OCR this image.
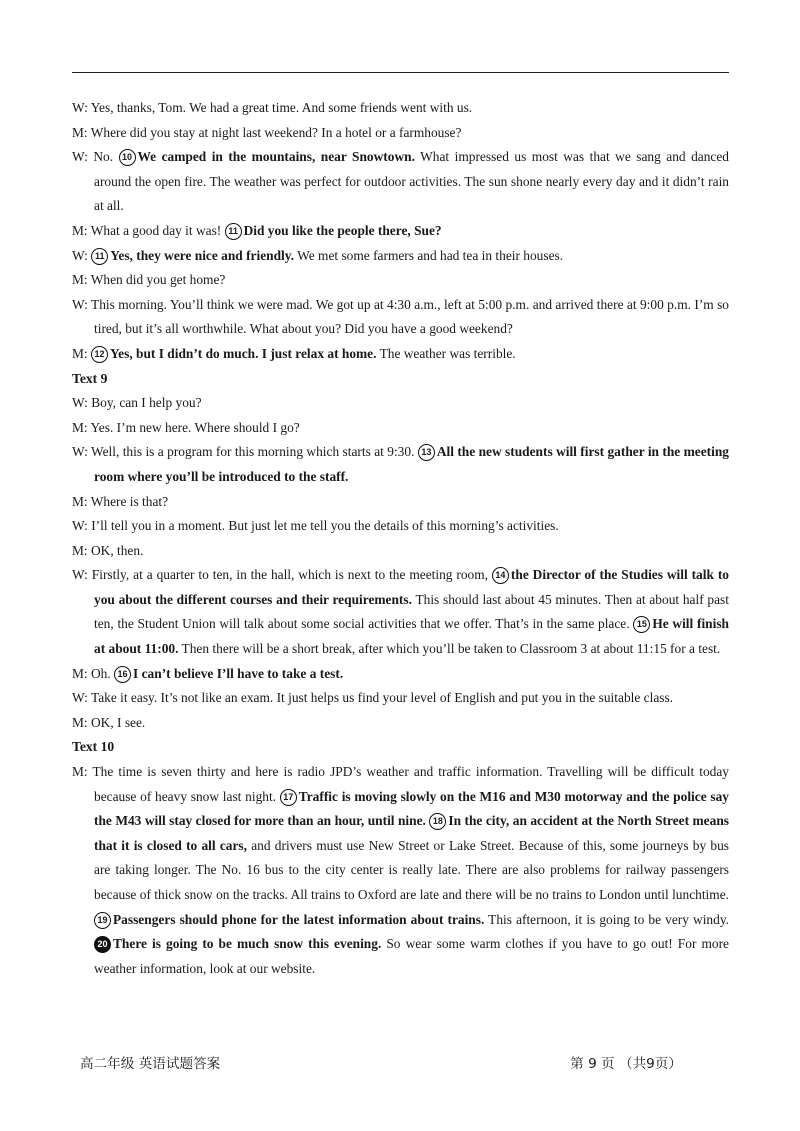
W: Yes, thanks, Tom. We had a great time. And some friends went with us.
M: Where did you stay at night last weekend? In a hotel or a farmhouse?
W: No. 10 We camped in the mountains, near Snowtown. What impressed us most was that we sang and danced around the open fire. The weather was perfect for outdoor activities. The sun shone nearly every day and it didn’t rain at all.
M: What a good day it was! 11 Did you like the people there, Sue?
W: 11 Yes, they were nice and friendly. We met some farmers and had tea in their houses.
M: When did you get home?
W: This morning. You’ll think we were mad. We got up at 4:30 a.m., left at 5:00 p.m. and arrived there at 9:00 p.m. I’m so tired, but it’s all worthwhile. What about you? Did you have a good weekend?
M: 12 Yes, but I didn’t do much. I just relax at home. The weather was terrible.
Text 9
W: Boy, can I help you?
M: Yes. I’m new here. Where should I go?
W: Well, this is a program for this morning which starts at 9:30. 13 All the new students will first gather in the meeting room where you’ll be introduced to the staff.
M: Where is that?
W: I’ll tell you in a moment. But just let me tell you the details of this morning’s activities.
M: OK, then.
W: Firstly, at a quarter to ten, in the hall, which is next to the meeting room, 14 the Director of the Studies will talk to you about the different courses and their requirements. This should last about 45 minutes. Then at about half past ten, the Student Union will talk about some social activities that we offer. That’s in the same place. 15 He will finish at about 11:00. Then there will be a short break, after which you’ll be taken to Classroom 3 at about 11:15 for a test.
M: Oh. 16 I can’t believe I’ll have to take a test.
W: Take it easy. It’s not like an exam. It just helps us find your level of English and put you in the suitable class.
M: OK, I see.
Text 10
M: The time is seven thirty and here is radio JPD’s weather and traffic information. Travelling will be difficult today because of heavy snow last night. 17 Traffic is moving slowly on the M16 and M30 motorway and the police say the M43 will stay closed for more than an hour, until nine. 18 In the city, an accident at the North Street means that it is closed to all cars, and drivers must use New Street or Lake Street. Because of this, some journeys by bus are taking longer. The No. 16 bus to the city center is really late. There are also problems for railway passengers because of thick snow on the tracks. All trains to Oxford are late and there will be no trains to London until lunchtime. 19 Passengers should phone for the latest information about trains. This afternoon, it is going to be very windy. 20 There is going to be much snow this evening. So wear some warm clothes if you have to go out! For more weather information, look at our website.
高二年级 英语试题答案	第 9 页 （共9页）
